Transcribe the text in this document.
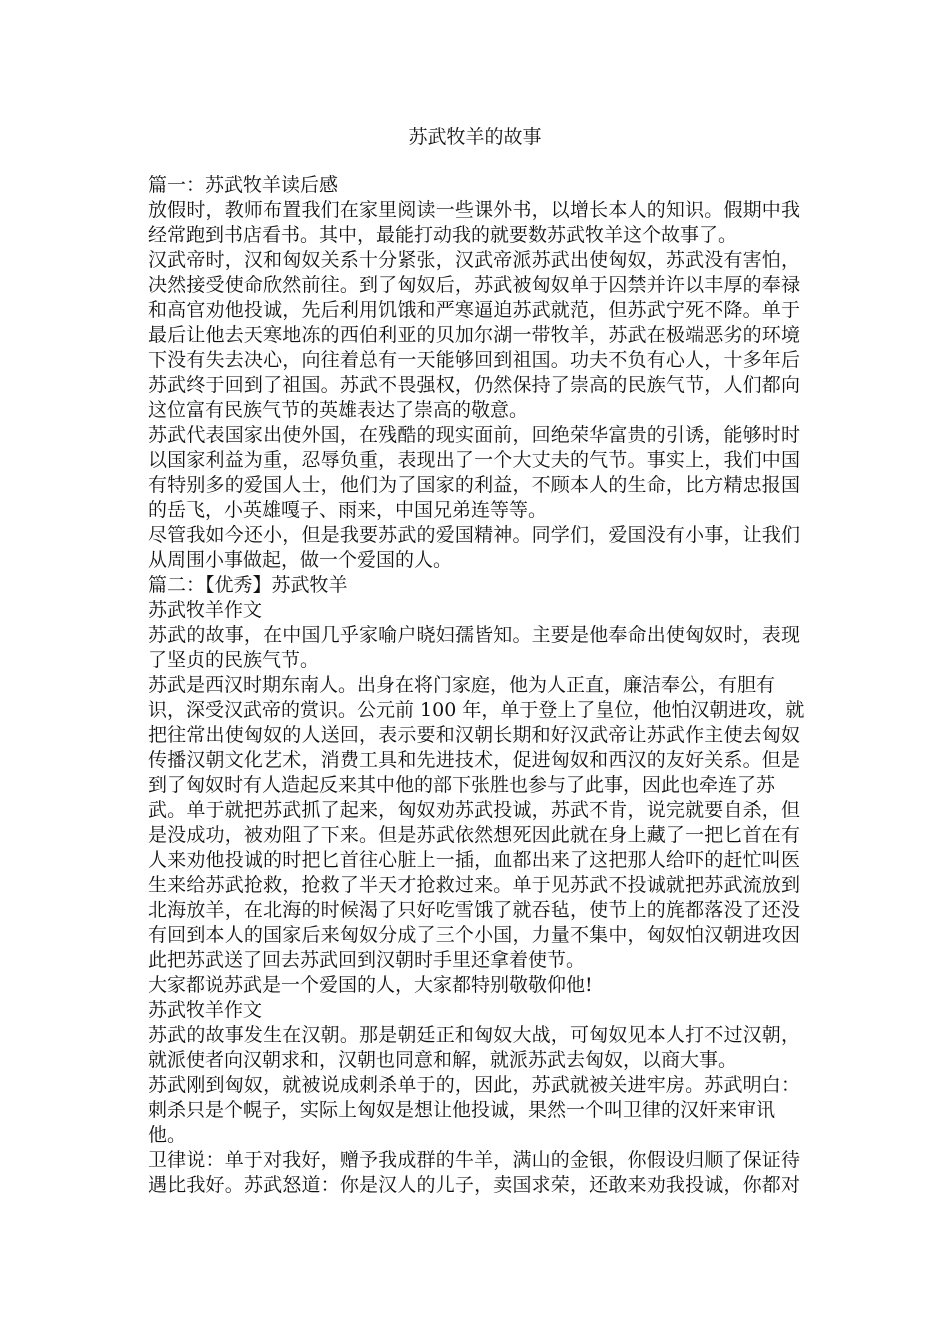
苏武牧羊的故事
篇一：苏武牧羊读后感
放假时，教师布置我们在家里阅读一些课外书，以增长本人的知识。假期中我
经常跑到书店看书。其中，最能打动我的就要数苏武牧羊这个故事了。
汉武帝时，汉和匈奴关系十分紧张，汉武帝派苏武出使匈奴，苏武没有害怕，
决然接受使命欣然前往。到了匈奴后，苏武被匈奴单于囚禁并许以丰厚的奉禄
和高官劝他投诚，先后利用饥饿和严寒逼迫苏武就范，但苏武宁死不降。单于
最后让他去天寒地冻的西伯利亚的贝加尔湖一带牧羊，苏武在极端恶劣的环境
下没有失去决心，向往着总有一天能够回到祖国。功夫不负有心人，十多年后
苏武终于回到了祖国。苏武不畏强权，仍然保持了崇高的民族气节，人们都向
这位富有民族气节的英雄表达了崇高的敬意。
苏武代表国家出使外国，在残酷的现实面前，回绝荣华富贵的引诱，能够时时
以国家利益为重，忍辱负重，表现出了一个大丈夫的气节。事实上，我们中国
有特别多的爱国人士，他们为了国家的利益，不顾本人的生命，比方精忠报国
的岳飞，小英雄嘎子、雨来，中国兄弟连等等。
尽管我如今还小，但是我要苏武的爱国精神。同学们，爱国没有小事，让我们
从周围小事做起，做一个爱国的人。
篇二：【优秀】苏武牧羊
苏武牧羊作文
苏武的故事，在中国几乎家喻户晓妇孺皆知。主要是他奉命出使匈奴时，表现
了坚贞的民族气节。
苏武是西汉时期东南人。出身在将门家庭，他为人正直，廉洁奉公，有胆有
识，深受汉武帝的赏识。公元前 100 年，单于登上了皇位，他怕汉朝进攻，就
把往常出使匈奴的人送回，表示要和汉朝长期和好汉武帝让苏武作主使去匈奴
传播汉朝文化艺术，消费工具和先进技术，促进匈奴和西汉的友好关系。但是
到了匈奴时有人造起反来其中他的部下张胜也参与了此事，因此也牵连了苏
武。单于就把苏武抓了起来，匈奴劝苏武投诚，苏武不肯，说完就要自杀，但
是没成功，被劝阻了下来。但是苏武依然想死因此就在身上藏了一把匕首在有
人来劝他投诚的时把匕首往心脏上一插，血都出来了这把那人给吓的赶忙叫医
生来给苏武抢救，抢救了半天才抢救过来。单于见苏武不投诚就把苏武流放到
北海放羊，在北海的时候渴了只好吃雪饿了就吞毡，使节上的旄都落没了还没
有回到本人的国家后来匈奴分成了三个小国，力量不集中，匈奴怕汉朝进攻因
此把苏武送了回去苏武回到汉朝时手里还拿着使节。
大家都说苏武是一个爱国的人，大家都特别敬敬仰他!
苏武牧羊作文
苏武的故事发生在汉朝。那是朝廷正和匈奴大战，可匈奴见本人打不过汉朝，
就派使者向汉朝求和，汉朝也同意和解，就派苏武去匈奴，以商大事。
苏武刚到匈奴，就被说成刺杀单于的，因此，苏武就被关进牢房。苏武明白：
刺杀只是个幌子，实际上匈奴是想让他投诚，果然一个叫卫律的汉奸来审讯
他。
卫律说：单于对我好，赠予我成群的牛羊，满山的金银，你假设归顺了保证待
遇比我好。苏武怒道：你是汉人的儿子，卖国求荣，还敢来劝我投诚，你都对
